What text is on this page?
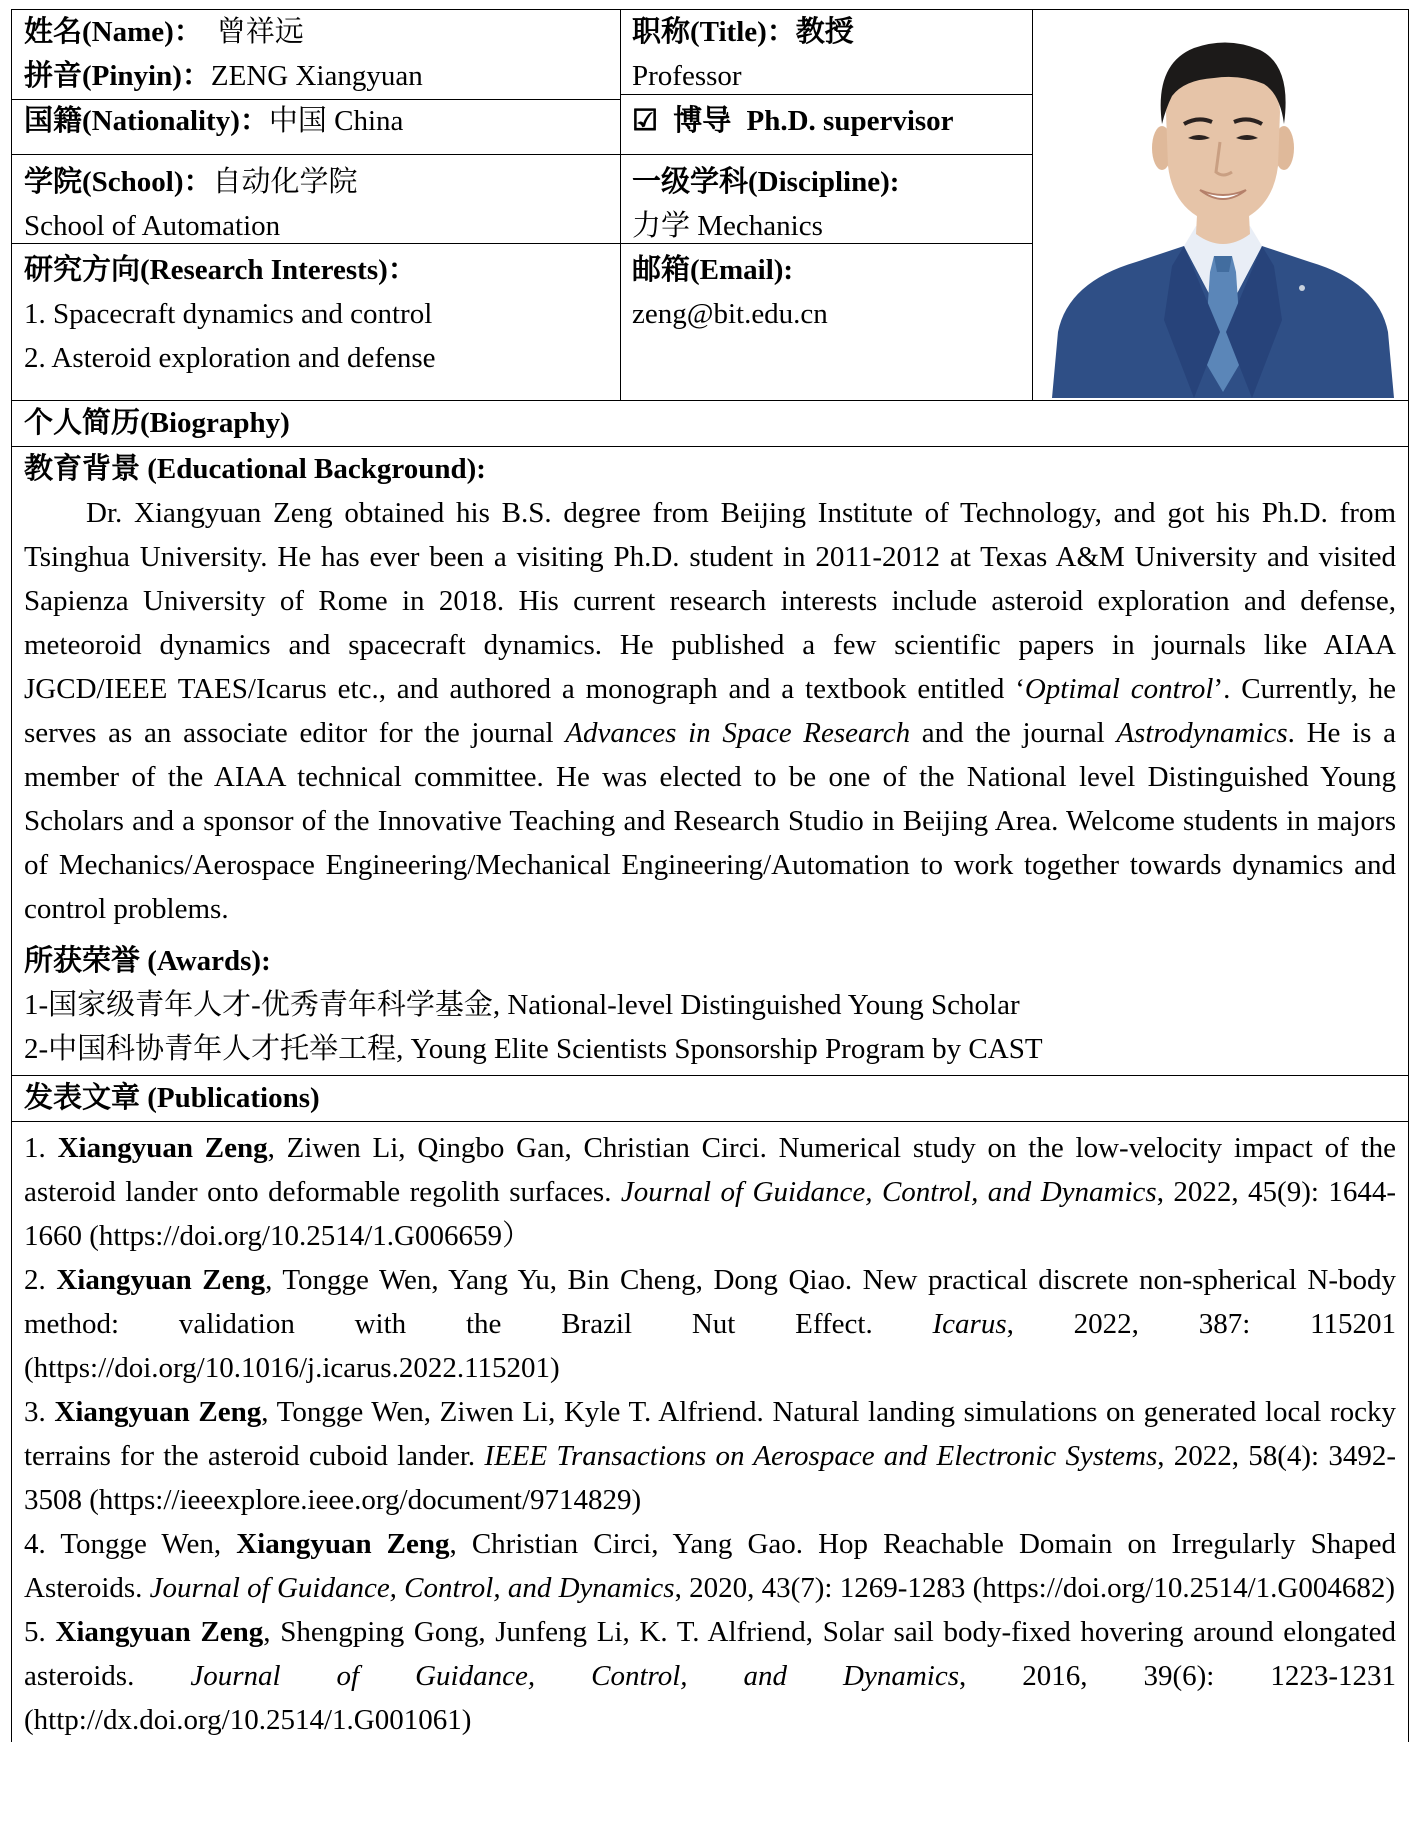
姓名(Name)： 曾祥远
拼音(Pinyin)：ZENG Xiangyuan
国籍(Nationality)：中国 China
学院(School)：自动化学院
School of Automation
研究方向(Research Interests)：
1. Spacecraft dynamics and control
2. Asteroid exploration and defense
职称(Title)：教授
Professor
☑ 博导 Ph.D. supervisor
一级学科(Discipline):
力学 Mechanics
邮箱(Email):
zeng@bit.edu.cn
个人简历(Biography)
教育背景 (Educational Background):
Dr. Xiangyuan Zeng obtained his B.S. degree from Beijing Institute of Technology, and got his Ph.D. from Tsinghua University. He has ever been a visiting Ph.D. student in 2011-2012 at Texas A&M University and visited Sapienza University of Rome in 2018. His current research interests include asteroid exploration and defense, meteoroid dynamics and spacecraft dynamics. He published a few scientific papers in journals like AIAA JGCD/IEEE TAES/Icarus etc., and authored a monograph and a textbook entitled ‘Optimal control’. Currently, he serves as an associate editor for the journal Advances in Space Research and the journal Astrodynamics. He is a member of the AIAA technical committee. He was elected to be one of the National level Distinguished Young Scholars and a sponsor of the Innovative Teaching and Research Studio in Beijing Area. Welcome students in majors of Mechanics/Aerospace Engineering/Mechanical Engineering/Automation to work together towards dynamics and control problems.
所获荣誉 (Awards):
1-国家级青年人才-优秀青年科学基金, National-level Distinguished Young Scholar
2-中国科协青年人才托举工程, Young Elite Scientists Sponsorship Program by CAST
发表文章 (Publications)
1. Xiangyuan Zeng, Ziwen Li, Qingbo Gan, Christian Circi. Numerical study on the low-velocity impact of the asteroid lander onto deformable regolith surfaces. Journal of Guidance, Control, and Dynamics, 2022, 45(9): 1644-1660 (https://doi.org/10.2514/1.G006659）
2. Xiangyuan Zeng, Tongge Wen, Yang Yu, Bin Cheng, Dong Qiao. New practical discrete non-spherical N-body method: validation with the Brazil Nut Effect. Icarus, 2022, 387: 115201 (https://doi.org/10.1016/j.icarus.2022.115201)
3. Xiangyuan Zeng, Tongge Wen, Ziwen Li, Kyle T. Alfriend. Natural landing simulations on generated local rocky terrains for the asteroid cuboid lander. IEEE Transactions on Aerospace and Electronic Systems, 2022, 58(4): 3492-3508 (https://ieeexplore.ieee.org/document/9714829)
4. Tongge Wen, Xiangyuan Zeng, Christian Circi, Yang Gao. Hop Reachable Domain on Irregularly Shaped Asteroids. Journal of Guidance, Control, and Dynamics, 2020, 43(7): 1269-1283 (https://doi.org/10.2514/1.G004682)
5. Xiangyuan Zeng, Shengping Gong, Junfeng Li, K. T. Alfriend, Solar sail body-fixed hovering around elongated asteroids. Journal of Guidance, Control, and Dynamics, 2016, 39(6): 1223-1231 (http://dx.doi.org/10.2514/1.G001061)
